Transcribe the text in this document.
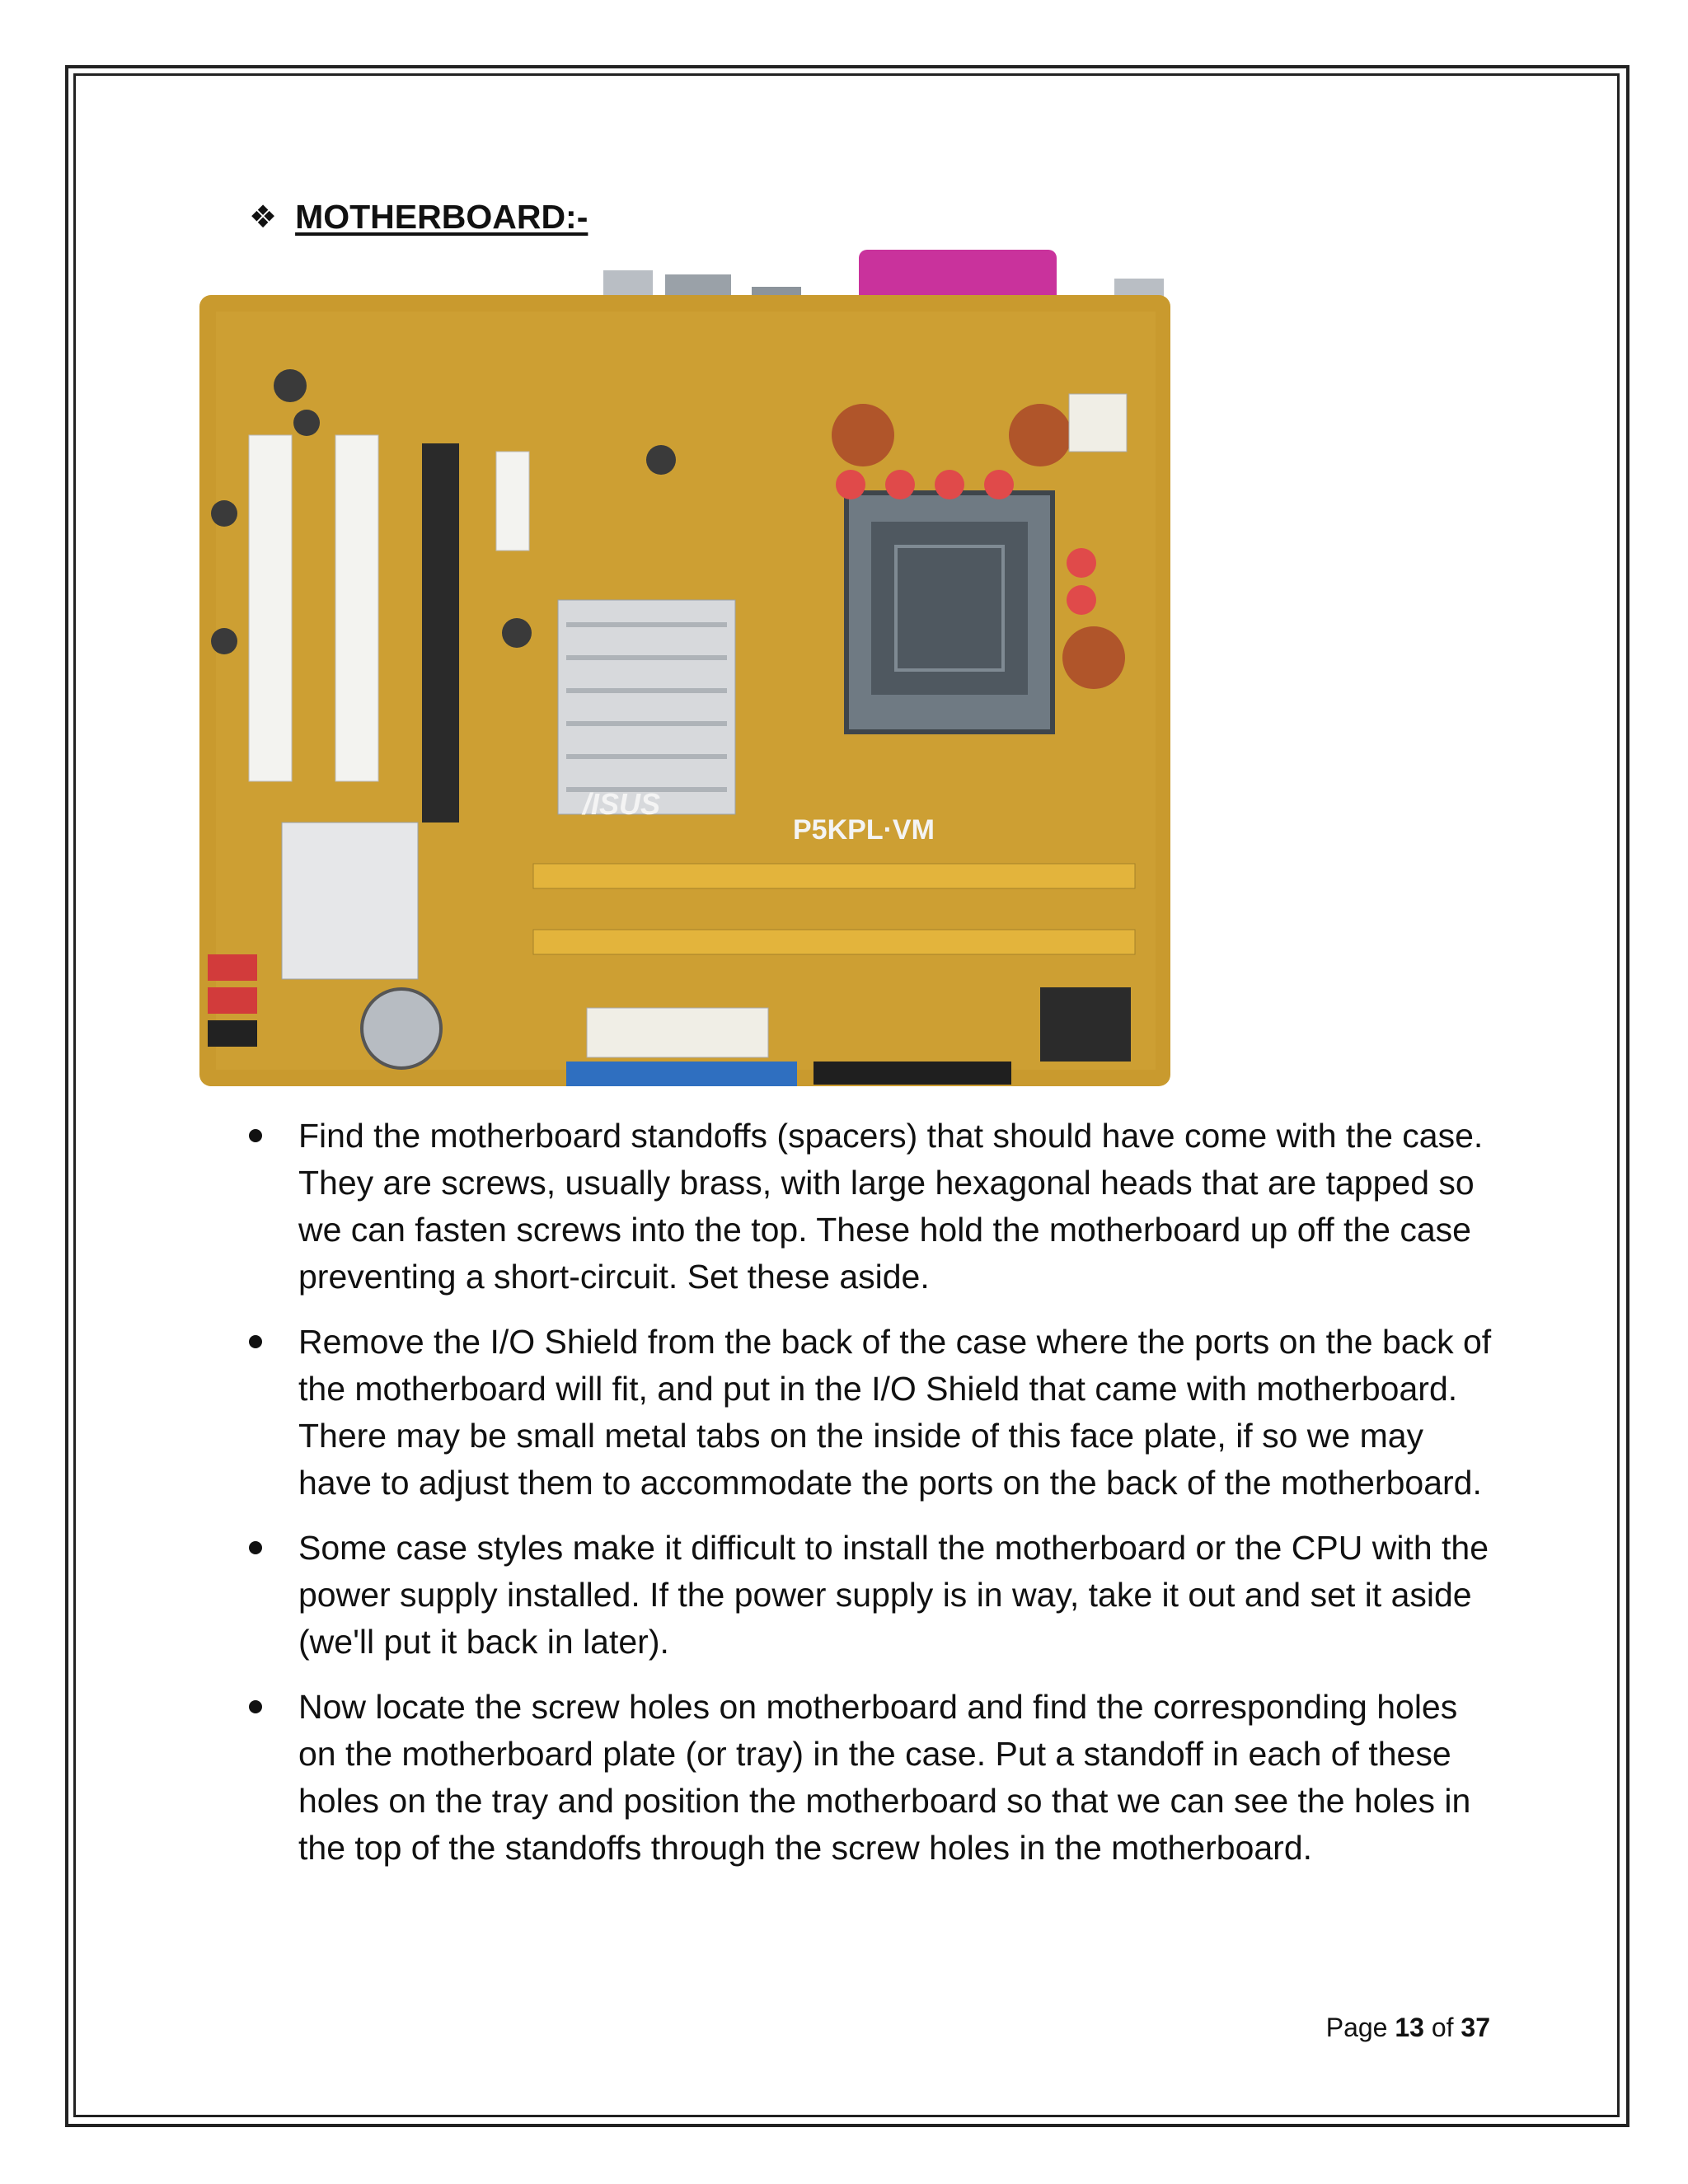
❖ MOTHERBOARD:-
/ISUS
P5KPL·VM
Find the motherboard standoffs (spacers) that should have come with the case. They are screws, usually brass, with large hexagonal heads that are tapped so we can fasten screws into the top. These hold the motherboard up off the case preventing a short-circuit. Set these aside.
Remove the I/O Shield from the back of the case where the ports on the back of the motherboard will fit, and put in the I/O Shield that came with motherboard. There may be small metal tabs on the inside of this face plate, if so we may have to adjust them to accommodate the ports on the back of the motherboard.
Some case styles make it difficult to install the motherboard or the CPU with the power supply installed. If the power supply is in way, take it out and set it aside (we'll put it back in later).
Now locate the screw holes on motherboard and find the corresponding holes on the motherboard plate (or tray) in the case. Put a standoff in each of these holes on the tray and position the motherboard so that we can see the holes in the top of the standoffs through the screw holes in the motherboard.
Page 13 of 37
